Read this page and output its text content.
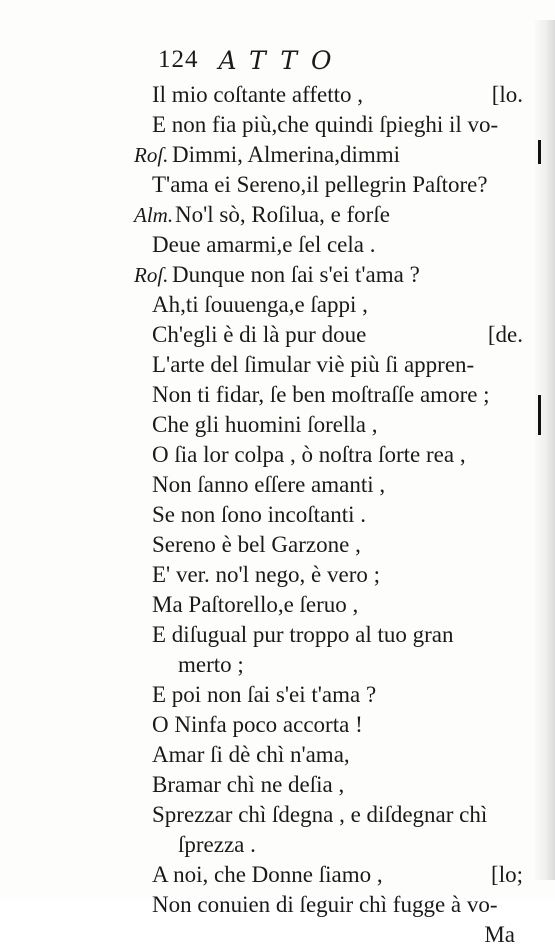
124 ATTO
Il mio coſtante affetto ,	[lo.
E non fia più,che quindi ſpieghi il vo-
Roſ. Dimmi, Almerina,dimmi
T'ama ei Sereno,il pellegrin Paſtore?
Alm. No'l sò, Roſilua, e forſe
Deue amarmi,e ſel cela .
Roſ. Dunque non ſai s'ei t'ama ?
Ah,ti ſouuenga,e ſappi ,
Ch'egli è di là pur doue	[de.
L'arte del ſimular viè più ſi appren-
Non ti fidar, ſe ben moſtraſſe amore ;
Che gli huomini ſorella ,
O ſia lor colpa , ò noſtra ſorte rea ,
Non ſanno eſſere amanti ,
Se non ſono incoſtanti .
Sereno è bel Garzone ,
E' ver. no'l nego, è vero ;
Ma Paſtorello,e ſeruo ,
E diſugual pur troppo al tuo gran
merto ;
E poi non ſai s'ei t'ama ?
O Ninfa poco accorta !
Amar ſi dè chì n'ama,
Bramar chì ne deſia ,
Sprezzar chì ſdegna , e diſdegnar chì
ſprezza .
A noi, che Donne ſiamo ,	[lo;
Non conuien di ſeguir chì fugge à vo-
Ma
